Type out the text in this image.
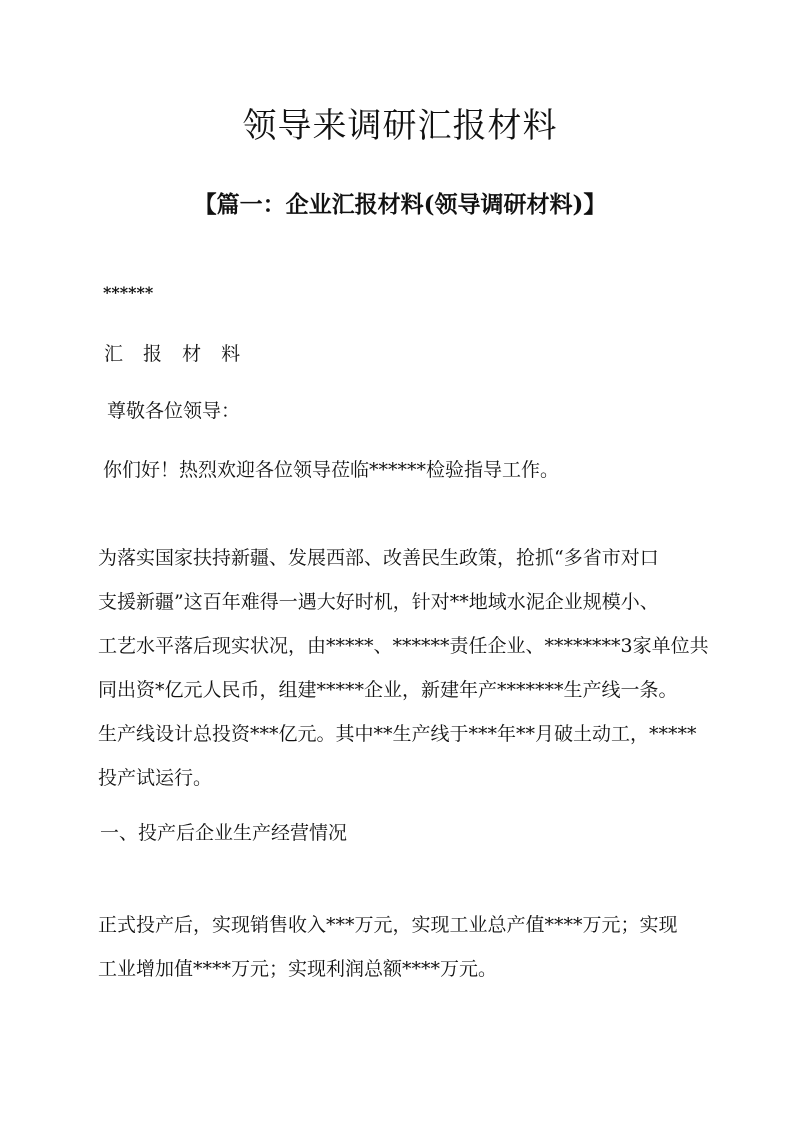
领导来调研汇报材料
【篇一：企业汇报材料(领导调研材料)】

******

汇 报 材 料

尊敬各位领导：

你们好！热烈欢迎各位领导莅临******检验指导工作。

为落实国家扶持新疆、发展西部、改善民生政策，抢抓“多省市对口
支援新疆”这百年难得一遇大好时机，针对**地域水泥企业规模小、
工艺水平落后现实状况，由*****、******责任企业、********3家单位共
同出资*亿元人民币，组建*****企业，新建年产*******生产线一条。
生产线设计总投资***亿元。其中**生产线于***年**月破土动工，*****
投产试运行。

一、投产后企业生产经营情况

正式投产后，实现销售收入***万元，实现工业总产值****万元；实现
工业增加值****万元；实现利润总额****万元。
